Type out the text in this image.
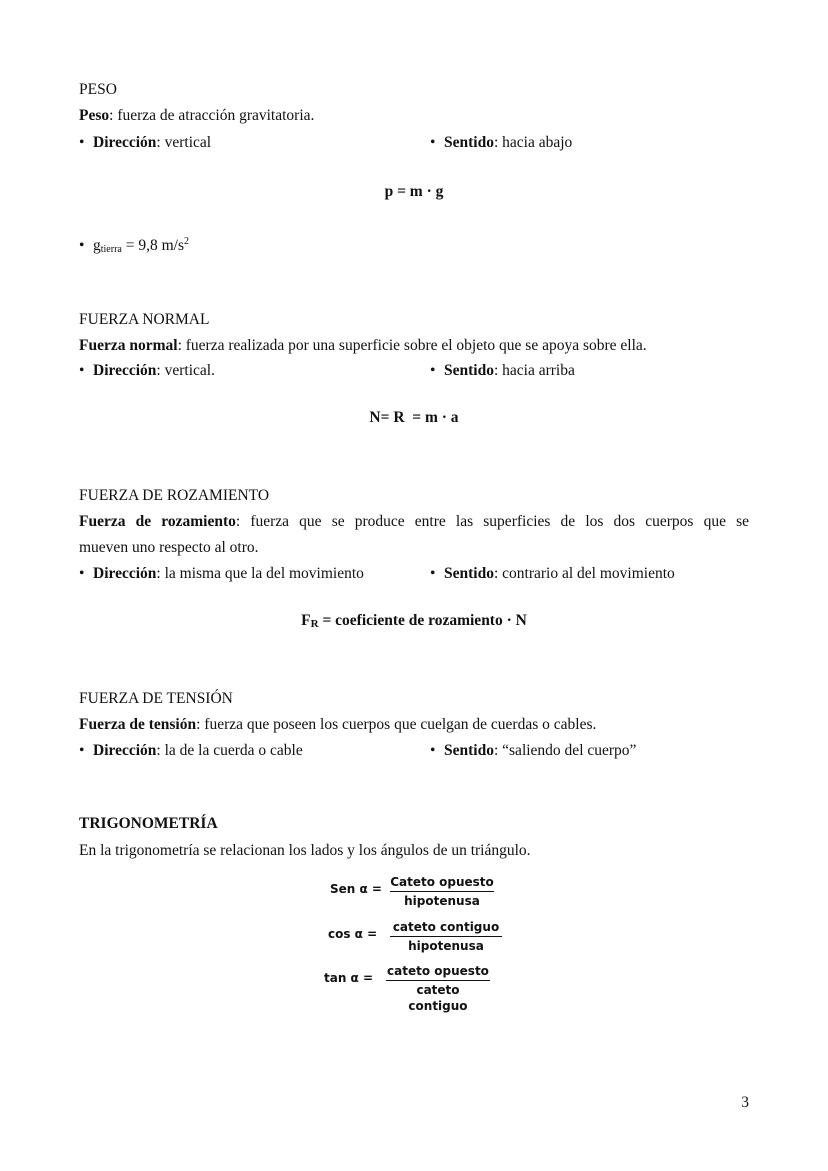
PESO
Peso: fuerza de atracción gravitatoria.
• Dirección: vertical	• Sentido: hacia abajo
p = m · g
• $g_{tierra} = 9,8$ $m/s^2$
FUERZA NORMAL
Fuerza normal: fuerza realizada por una superficie sobre el objeto que se apoya sobre ella.
• Dirección: vertical.	• Sentido: hacia arriba
N= R  = m · a
FUERZA DE ROZAMIENTO
Fuerza de rozamiento: fuerza que se produce entre las superficies de los dos cuerpos que se
mueven uno respecto al otro.
• Dirección: la misma que la del movimiento	• Sentido: contrario al del movimiento
FR = coeficiente de rozamiento · N
FUERZA DE TENSIÓN
Fuerza de tensión: fuerza que poseen los cuerpos que cuelgan de cuerdas o cables.
• Dirección: la de la cuerda o cable	• Sentido: “saliendo del cuerpo”
TRIGONOMETRÍA
En la trigonometría se relacionan los lados y los ángulos de un triángulo.
Sen α = Cateto opuesto
hipotenusa
cos α = cateto contiguo
hipotenusa
tan α = cateto opuesto
cateto contiguo
3
